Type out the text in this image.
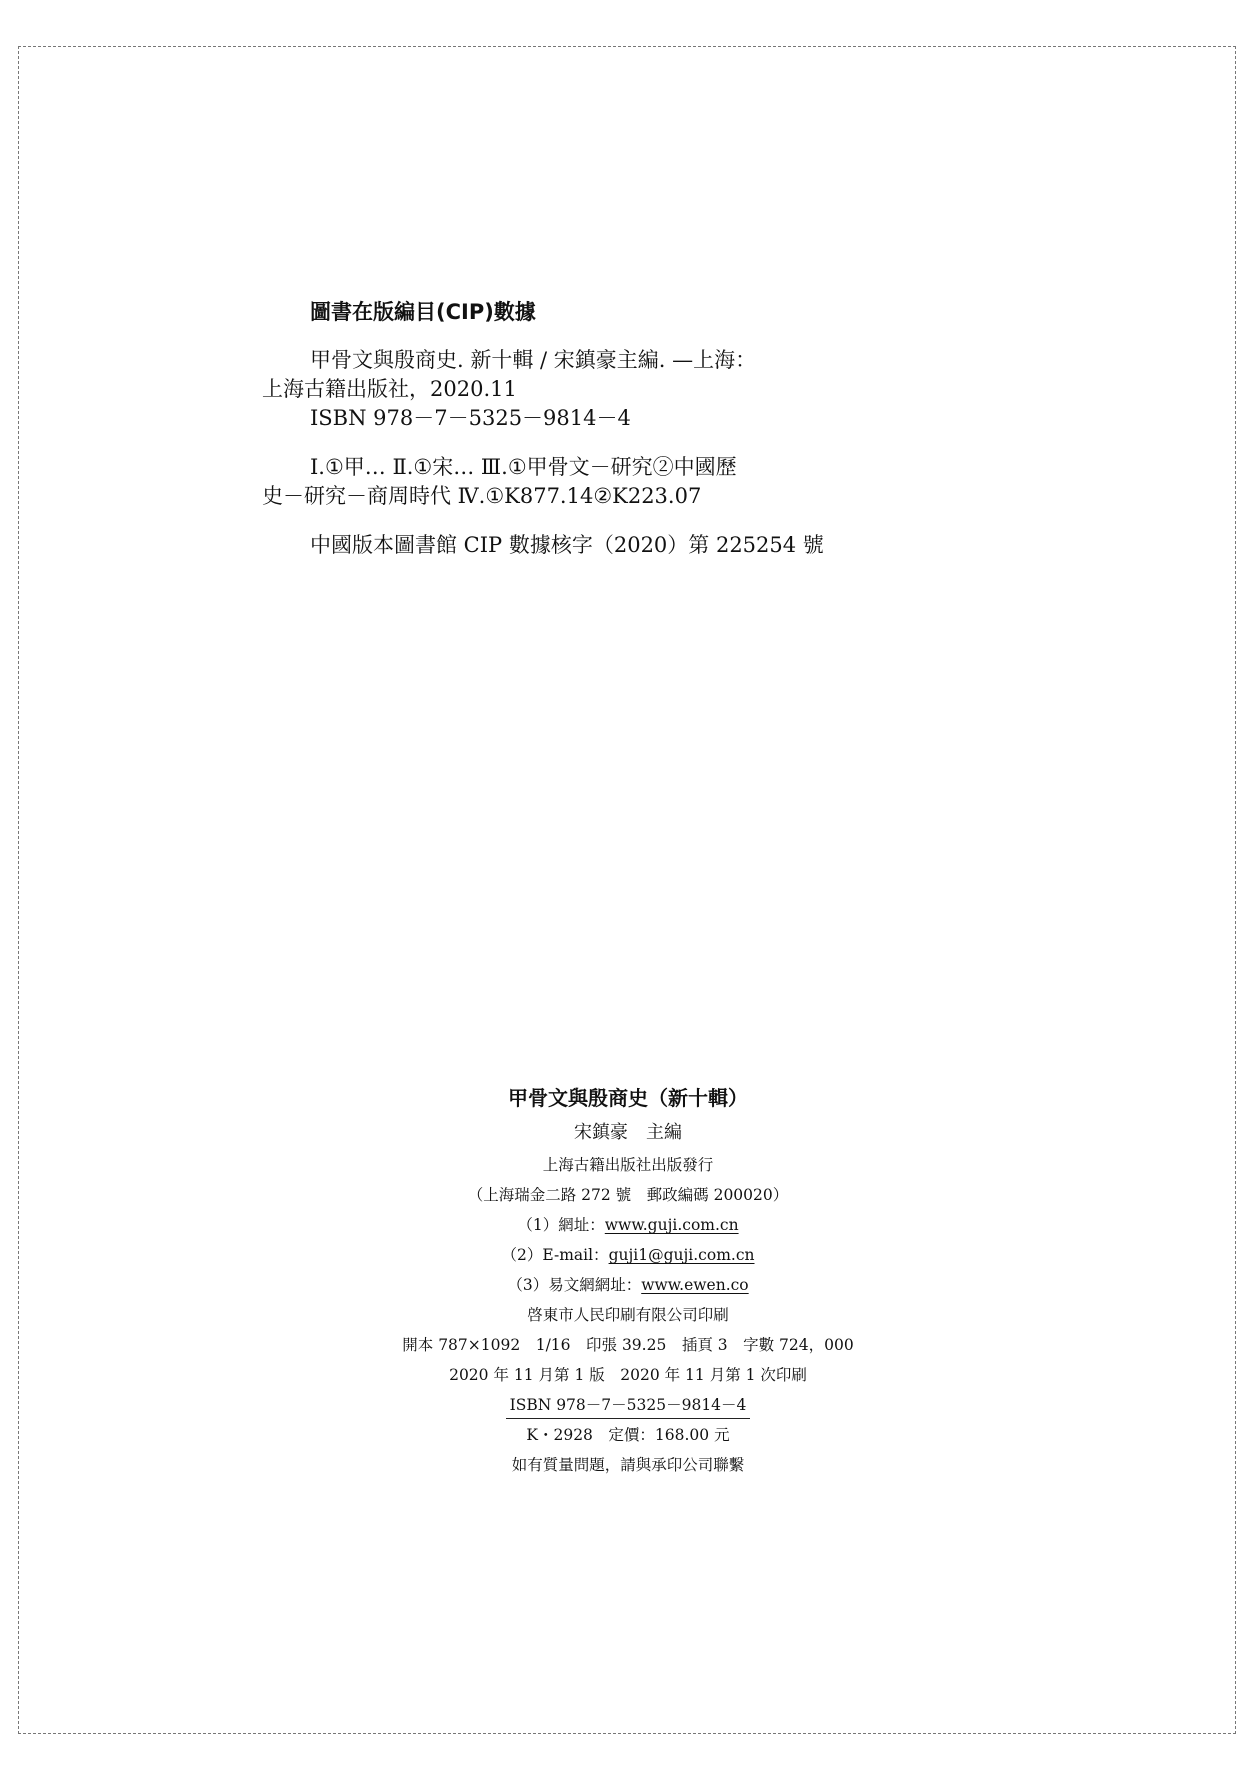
圖書在版編目(CIP)數據

甲骨文與殷商史. 新十輯 / 宋鎮豪主編. —上海：

上海古籍出版社，2020.11

ISBN 978－7－5325－9814－4

Ⅰ.①甲… Ⅱ.①宋… Ⅲ.①甲骨文－研究②中國歷

史－研究－商周時代 Ⅳ.①K877.14②K223.07

中國版本圖書館 CIP 數據核字（2020）第 225254 號

甲骨文與殷商史（新十輯）
宋鎮豪　主編
上海古籍出版社出版發行
（上海瑞金二路 272 號　郵政編碼 200020）
（1）網址：www.guji.com.cn
（2）E-mail：guji1@guji.com.cn
（3）易文網網址：www.ewen.co
啓東市人民印刷有限公司印刷
開本 787×1092　1/16　印張 39.25　插頁 3　字數 724，000
2020 年 11 月第 1 版　2020 年 11 月第 1 次印刷
ISBN 978－7－5325－9814－4
K・2928　定價：168.00 元
如有質量問題，請與承印公司聯繫
